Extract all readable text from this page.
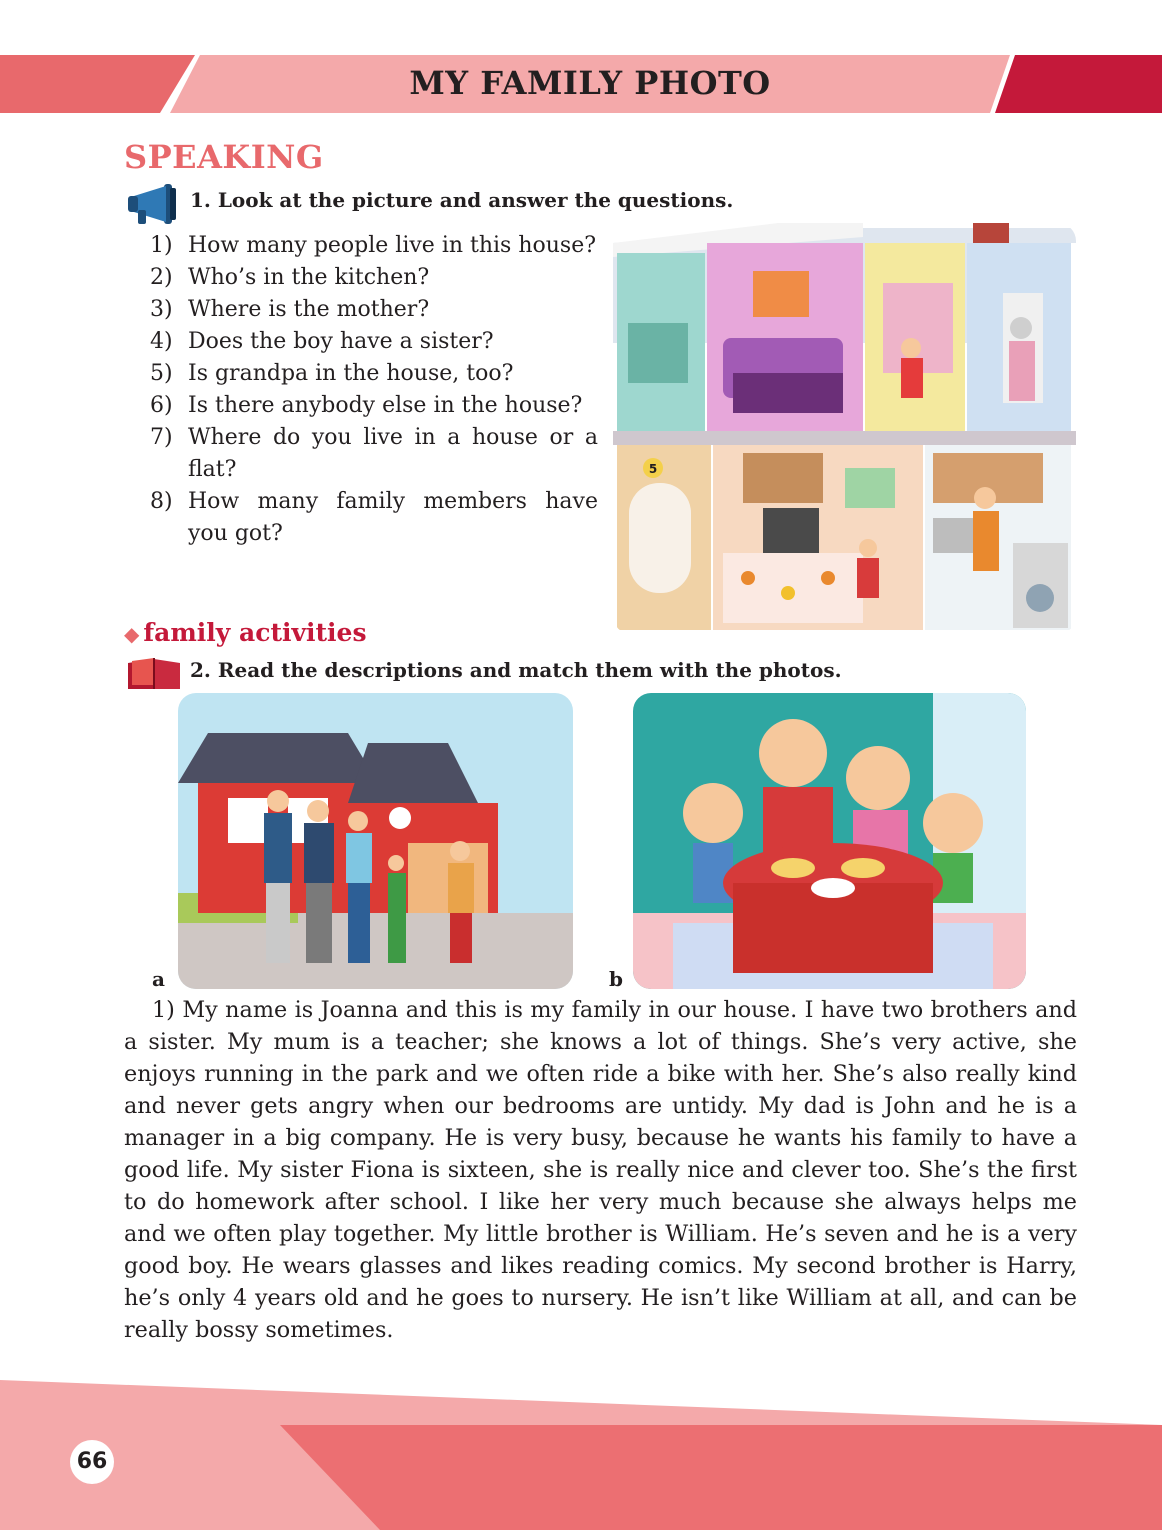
MY FAMILY PHOTO
SPEAKING
1. Look at the picture and answer the questions.
1) How many people live in this house?
2) Who’s in the kitchen?
3) Where is the mother?
4) Does the boy have a sister?
5) Is grandpa in the house, too?
6) Is there anybody else in the house?
7) Where do you live in a house or a flat?
8) How many family members have you got?
5
◆ family activities
2. Read the descriptions and match them with the photos.
a	b

1) My name is Joanna and this is my family in our house. I have two brothers and a sister. My mum is a teacher; she knows a lot of things. She’s very active, she enjoys running in the park and we often ride a bike with her. She’s also really kind and never gets angry when our bedrooms are untidy. My dad is John and he is a manager in a big company. He is very busy, because he wants his family to have a good life. My sister Fiona is sixteen, she is really nice and clever too. She’s the first to do homework after school. I like her very much because she always helps me and we often play together. My little brother is William. He’s seven and he is a very good boy. He wears glasses and likes reading comics. My second brother is Harry, he’s only 4 years old and he goes to nursery. He isn’t like William at all, and can be really bossy sometimes.

66
